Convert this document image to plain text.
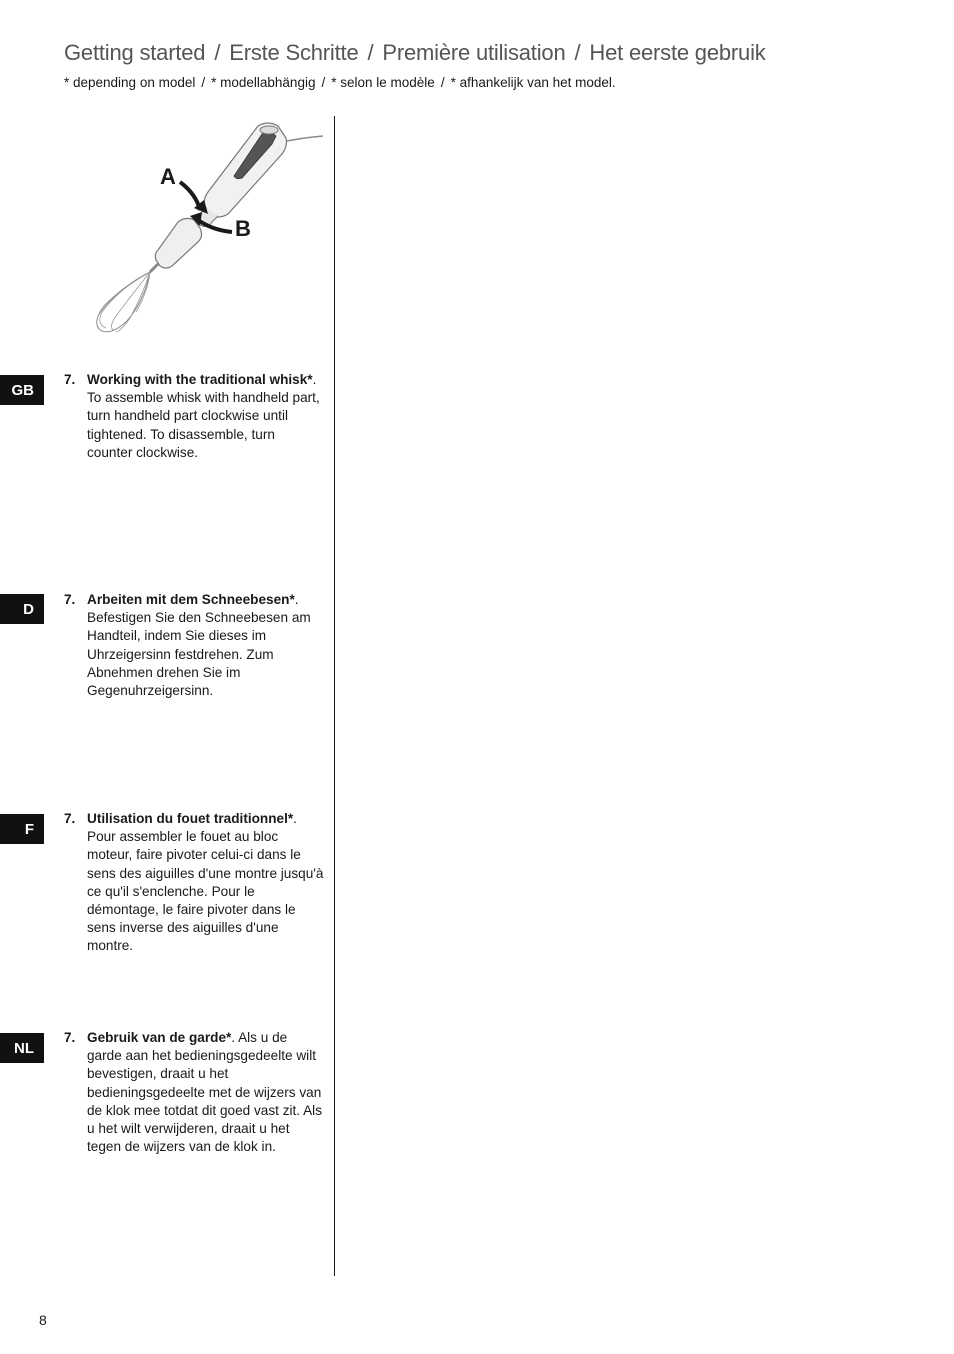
Getting started / Erste Schritte / Première utilisation / Het eerste gebruik
* depending on model / * modellabhängig / * selon le modèle / * afhankelijk van het model.
A
B
GB
7. Working with the traditional whisk*. To assemble whisk with handheld part, turn handheld part clockwise until tightened. To disassemble, turn counter clockwise.
D
7. Arbeiten mit dem Schneebesen*. Befestigen Sie den Schneebesen am Handteil, indem Sie dieses im Uhrzeigersinn festdrehen. Zum Abnehmen drehen Sie im Gegenuhrzeigersinn.
F
7. Utilisation du fouet traditionnel*. Pour assembler le fouet au bloc moteur, faire pivoter celui-ci dans le sens des aiguilles d'une montre jusqu'à ce qu'il s'enclenche. Pour le démontage, le faire pivoter dans le sens inverse des aiguilles d'une montre.
NL
7. Gebruik van de garde*. Als u de garde aan het bedieningsgedeelte wilt bevestigen, draait u het bedieningsgedeelte met de wijzers van de klok mee totdat dit goed vast zit. Als u het wilt verwijderen, draait u het tegen de wijzers van de klok in.
8
